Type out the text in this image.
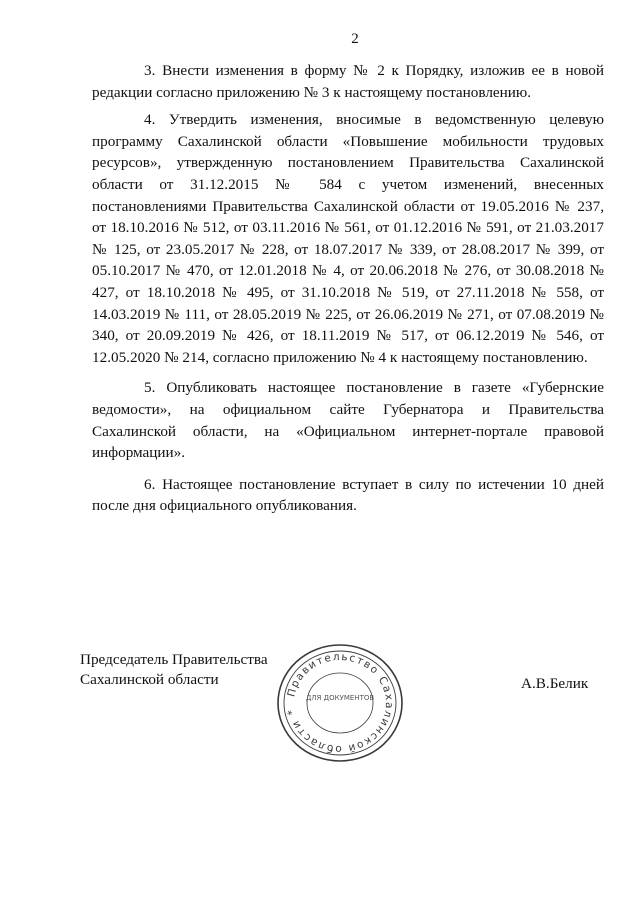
2

3. Внести изменения в форму № 2 к Порядку, изложив ее в новой редакции согласно приложению № 3 к настоящему постановлению.

4. Утвердить изменения, вносимые в ведомственную целевую программу Сахалинской области «Повышение мобильности трудовых ресурсов», утвержденную постановлением Правительства Сахалинской области от 31.12.2015 № 584 с учетом изменений, внесенных постановлениями Правительства Сахалинской области от 19.05.2016 № 237, от 18.10.2016 № 512, от 03.11.2016 № 561, от 01.12.2016 № 591, от 21.03.2017 № 125, от 23.05.2017 № 228, от 18.07.2017 № 339, от 28.08.2017 № 399, от 05.10.2017 № 470, от 12.01.2018 № 4, от 20.06.2018 № 276, от 30.08.2018 № 427, от 18.10.2018 № 495, от 31.10.2018 № 519, от 27.11.2018 № 558, от 14.03.2019 № 111, от 28.05.2019 № 225, от 26.06.2019 № 271, от 07.08.2019 № 340, от 20.09.2019 № 426, от 18.11.2019 № 517, от 06.12.2019 № 546, от 12.05.2020 № 214, согласно приложению № 4 к настоящему постановлению.

5. Опубликовать настоящее постановление в газете «Губернские ведомости», на официальном сайте Губернатора и Правительства Сахалинской области, на «Официальном интернет-портале правовой информации».

6. Настоящее постановление вступает в силу по истечении 10 дней после дня официального опубликования.

Председатель Правительства
Сахалинской области	А.В.Белик
Правительство Сахалинской области *
ДЛЯ ДОКУМЕНТОВ
